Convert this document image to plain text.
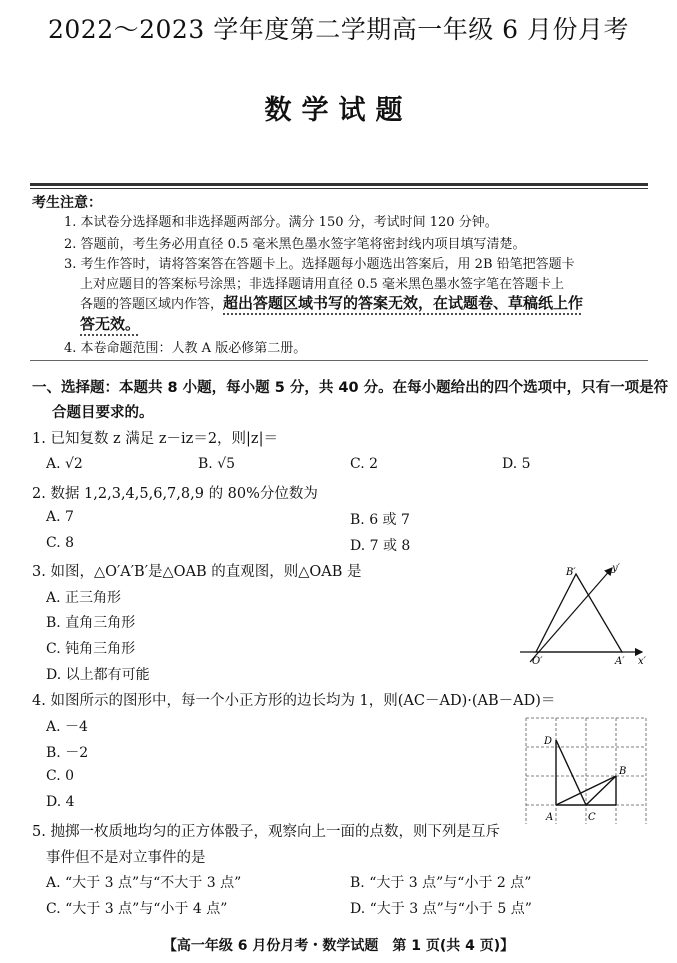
2022～2023 学年度第二学期高一年级 6 月份月考
数学试题
考生注意：
1. 本试卷分选择题和非选择题两部分。满分 150 分，考试时间 120 分钟。
2. 答题前，考生务必用直径 0.5 毫米黑色墨水签字笔将密封线内项目填写清楚。
3. 考生作答时，请将答案答在答题卡上。选择题每小题选出答案后，用 2B 铅笔把答题卡
上对应题目的答案标号涂黑；非选择题请用直径 0.5 毫米黑色墨水签字笔在答题卡上
各题的答题区域内作答，超出答题区域书写的答案无效，在试题卷、草稿纸上作
答无效。
4. 本卷命题范围：人教 A 版必修第二册。
一、选择题：本题共 8 小题，每小题 5 分，共 40 分。在每小题给出的四个选项中，只有一项是符
合题目要求的。
1. 已知复数 z 满足 z－iz＝2，则|z|＝
A. √2	B. √5	C. 2	D. 5
2. 数据 1,2,3,4,5,6,7,8,9 的 80%分位数为
A. 7	B. 6 或 7
C. 8	D. 7 或 8
3. 如图，△O′A′B′是△OAB 的直观图，则△OAB 是
A. 正三角形
B. 直角三角形
C. 钝角三角形
D. 以上都有可能
B′	y′
O′	A′ x′
4. 如图所示的图形中，每一个小正方形的边长均为 1，则(AC－AD)·(AB－AD)＝
A. －4
B. －2
C. 0
D. 4
D
B
A	C
5. 抛掷一枚质地均匀的正方体骰子，观察向上一面的点数，则下列是互斥
事件但不是对立事件的是
A. “大于 3 点”与“不大于 3 点”	B. “大于 3 点”与“小于 2 点”
C. “大于 3 点”与“小于 4 点”	D. “大于 3 点”与“小于 5 点”
【高一年级 6 月份月考・数学试题　第 1 页(共 4 页)】
